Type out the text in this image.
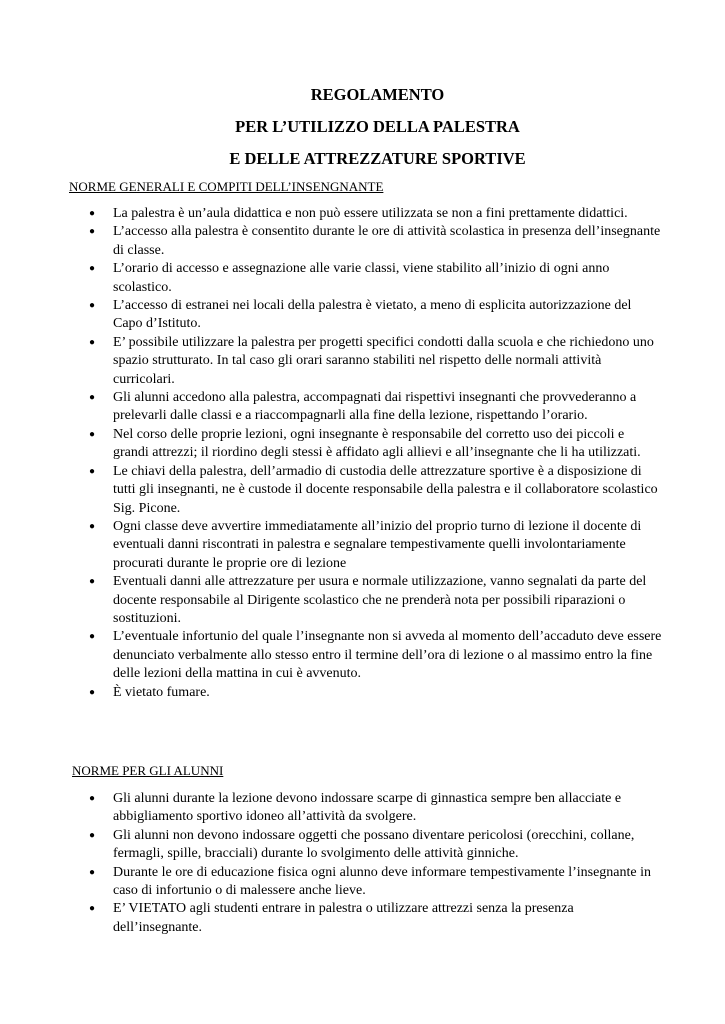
REGOLAMENTO

PER L’UTILIZZO DELLA PALESTRA

E DELLE ATTREZZATURE SPORTIVE

NORME GENERALI E COMPITI DELL’INSENGNANTE
● La palestra è un’aula didattica e non può essere utilizzata se non a fini prettamente didattici.
● L’accesso alla palestra è consentito durante le ore di attività scolastica in presenza dell’insegnante di classe.
● L’orario di accesso e assegnazione alle varie classi, viene stabilito all’inizio di ogni anno scolastico.
● L’accesso di estranei nei locali della palestra è vietato, a meno di esplicita autorizzazione del Capo d’Istituto.
● E’ possibile utilizzare la palestra per progetti specifici condotti dalla scuola e che richiedono uno spazio strutturato. In tal caso gli orari saranno stabiliti nel rispetto delle normali attività curricolari.
● Gli alunni accedono alla palestra, accompagnati dai rispettivi insegnanti che provvederanno a prelevarli dalle classi e a riaccompagnarli alla fine della lezione, rispettando l’orario.
● Nel corso delle proprie lezioni, ogni insegnante è responsabile del corretto uso dei piccoli e grandi attrezzi; il riordino degli stessi è affidato agli allievi e all’insegnante che li ha utilizzati.
● Le chiavi della palestra, dell’armadio di custodia delle attrezzature sportive è a disposizione di tutti gli insegnanti, ne è custode il docente responsabile della palestra e il collaboratore scolastico Sig. Picone.
● Ogni classe deve avvertire immediatamente all’inizio del proprio turno di lezione il docente di eventuali danni riscontrati in palestra e segnalare tempestivamente quelli involontariamente procurati durante le proprie ore di lezione
● Eventuali danni alle attrezzature per usura e normale utilizzazione, vanno segnalati da parte del docente responsabile al Dirigente scolastico che ne prenderà nota per possibili riparazioni o sostituzioni.
● L’eventuale infortunio del quale l’insegnante non si avveda al momento dell’accaduto deve essere denunciato verbalmente allo stesso entro il termine dell’ora di lezione o al massimo entro la fine delle lezioni della mattina in cui è avvenuto.
● È vietato fumare.
NORME PER GLI ALUNNI
● Gli alunni durante la lezione devono indossare scarpe di ginnastica sempre ben allacciate e abbigliamento sportivo idoneo all’attività da svolgere.
● Gli alunni non devono indossare oggetti che possano diventare pericolosi (orecchini, collane, fermagli, spille, bracciali) durante lo svolgimento delle attività ginniche.
● Durante le ore di educazione fisica ogni alunno deve informare tempestivamente l’insegnante in caso di infortunio o di malessere anche lieve.
● E’ VIETATO agli studenti entrare in palestra o utilizzare attrezzi senza la presenza dell’insegnante.
